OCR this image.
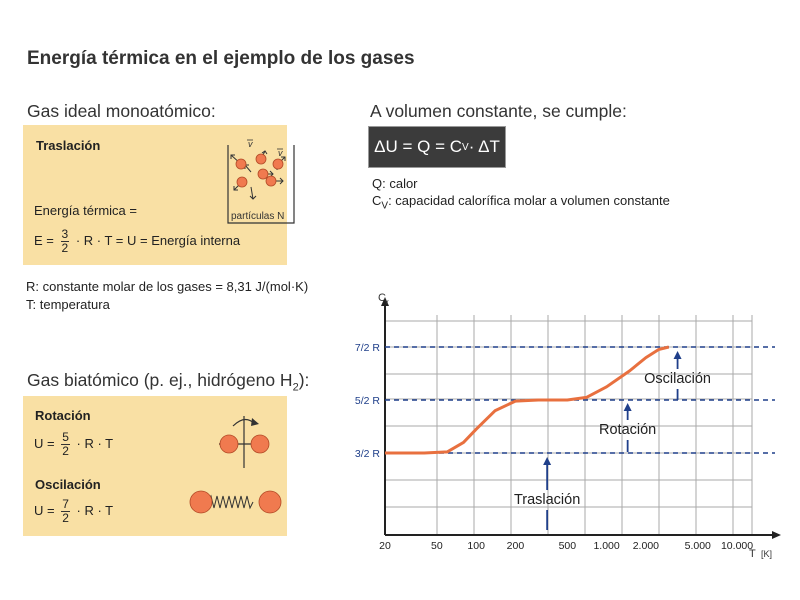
Energía térmica en el ejemplo de los gases
Gas ideal monoatómico:
Traslación
Energía térmica =
$E = \frac{3}{2} \cdot R \cdot T = U$ = Energía interna
v
v
partículas N
R: constante molar de los gases = 8,31 J/(mol·K)
T: temperatura
A volumen constante, se cumple:
ΔU = Q = C V · ΔT
Q: calor
$C_V$: capacidad calorífica molar a volumen constante
Gas biatómico (p. ej., hidrógeno $H_2$):
Rotación
$U = \frac{5}{2} \cdot R \cdot T$
Oscilación
$U = \frac{7}{2} \cdot R \cdot T$
C v
T [K]
20	50 100 200	500 1.000 2.000 5.000 10.000
3/2 R
5/2 R
7/2 R
Traslación
Rotación
Oscilación
